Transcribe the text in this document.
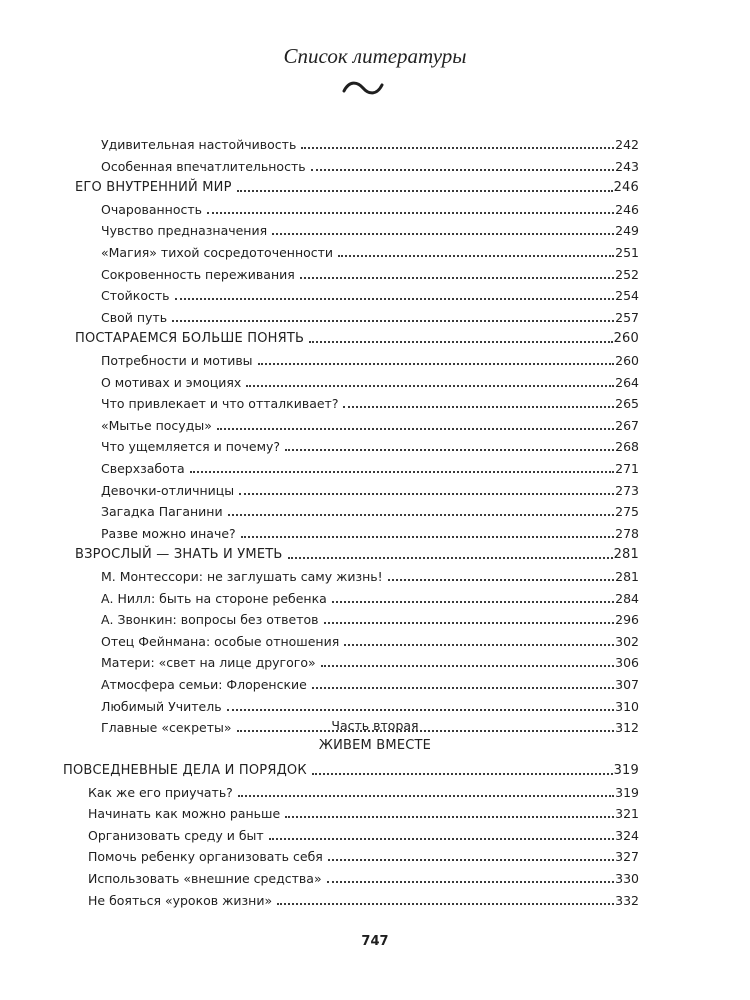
Список литературы
Удивительная настойчивость	242
Особенная впечатлительность	243
ЕГО ВНУТРЕННИЙ МИР	246
Очарованность	246
Чувство предназначения	249
«Магия» тихой сосредоточенности	251
Сокровенность переживания	252
Стойкость	254
Свой путь	257
ПОСТАРАЕМСЯ БОЛЬШЕ ПОНЯТЬ	260
Потребности и мотивы	260
О мотивах и эмоциях	264
Что привлекает и что отталкивает?	265
«Мытье посуды»	267
Что ущемляется и почему?	268
Сверхзабота	271
Девочки-отличницы	273
Загадка Паганини	275
Разве можно иначе?	278
ВЗРОСЛЫЙ — ЗНАТЬ И УМЕТЬ	281
М. Монтессори: не заглушать саму жизнь!	281
А. Нилл: быть на стороне ребенка	284
А. Звонкин: вопросы без ответов	296
Отец Фейнмана: особые отношения	302
Матери: «свет на лице другого»	306
Атмосфера семьи: Флоренские	307
Любимый Учитель	310
Главные «секреты»	312
ПОВСЕДНЕВНЫЕ ДЕЛА И ПОРЯДОК	319
Как же его приучать?	319
Начинать как можно раньше	321
Организовать среду и быт	324
Помочь ребенку организовать себя	327
Использовать «внешние средства»	330
Не бояться «уроков жизни»	332
Часть вторая
ЖИВЕМ ВМЕСТЕ
747
